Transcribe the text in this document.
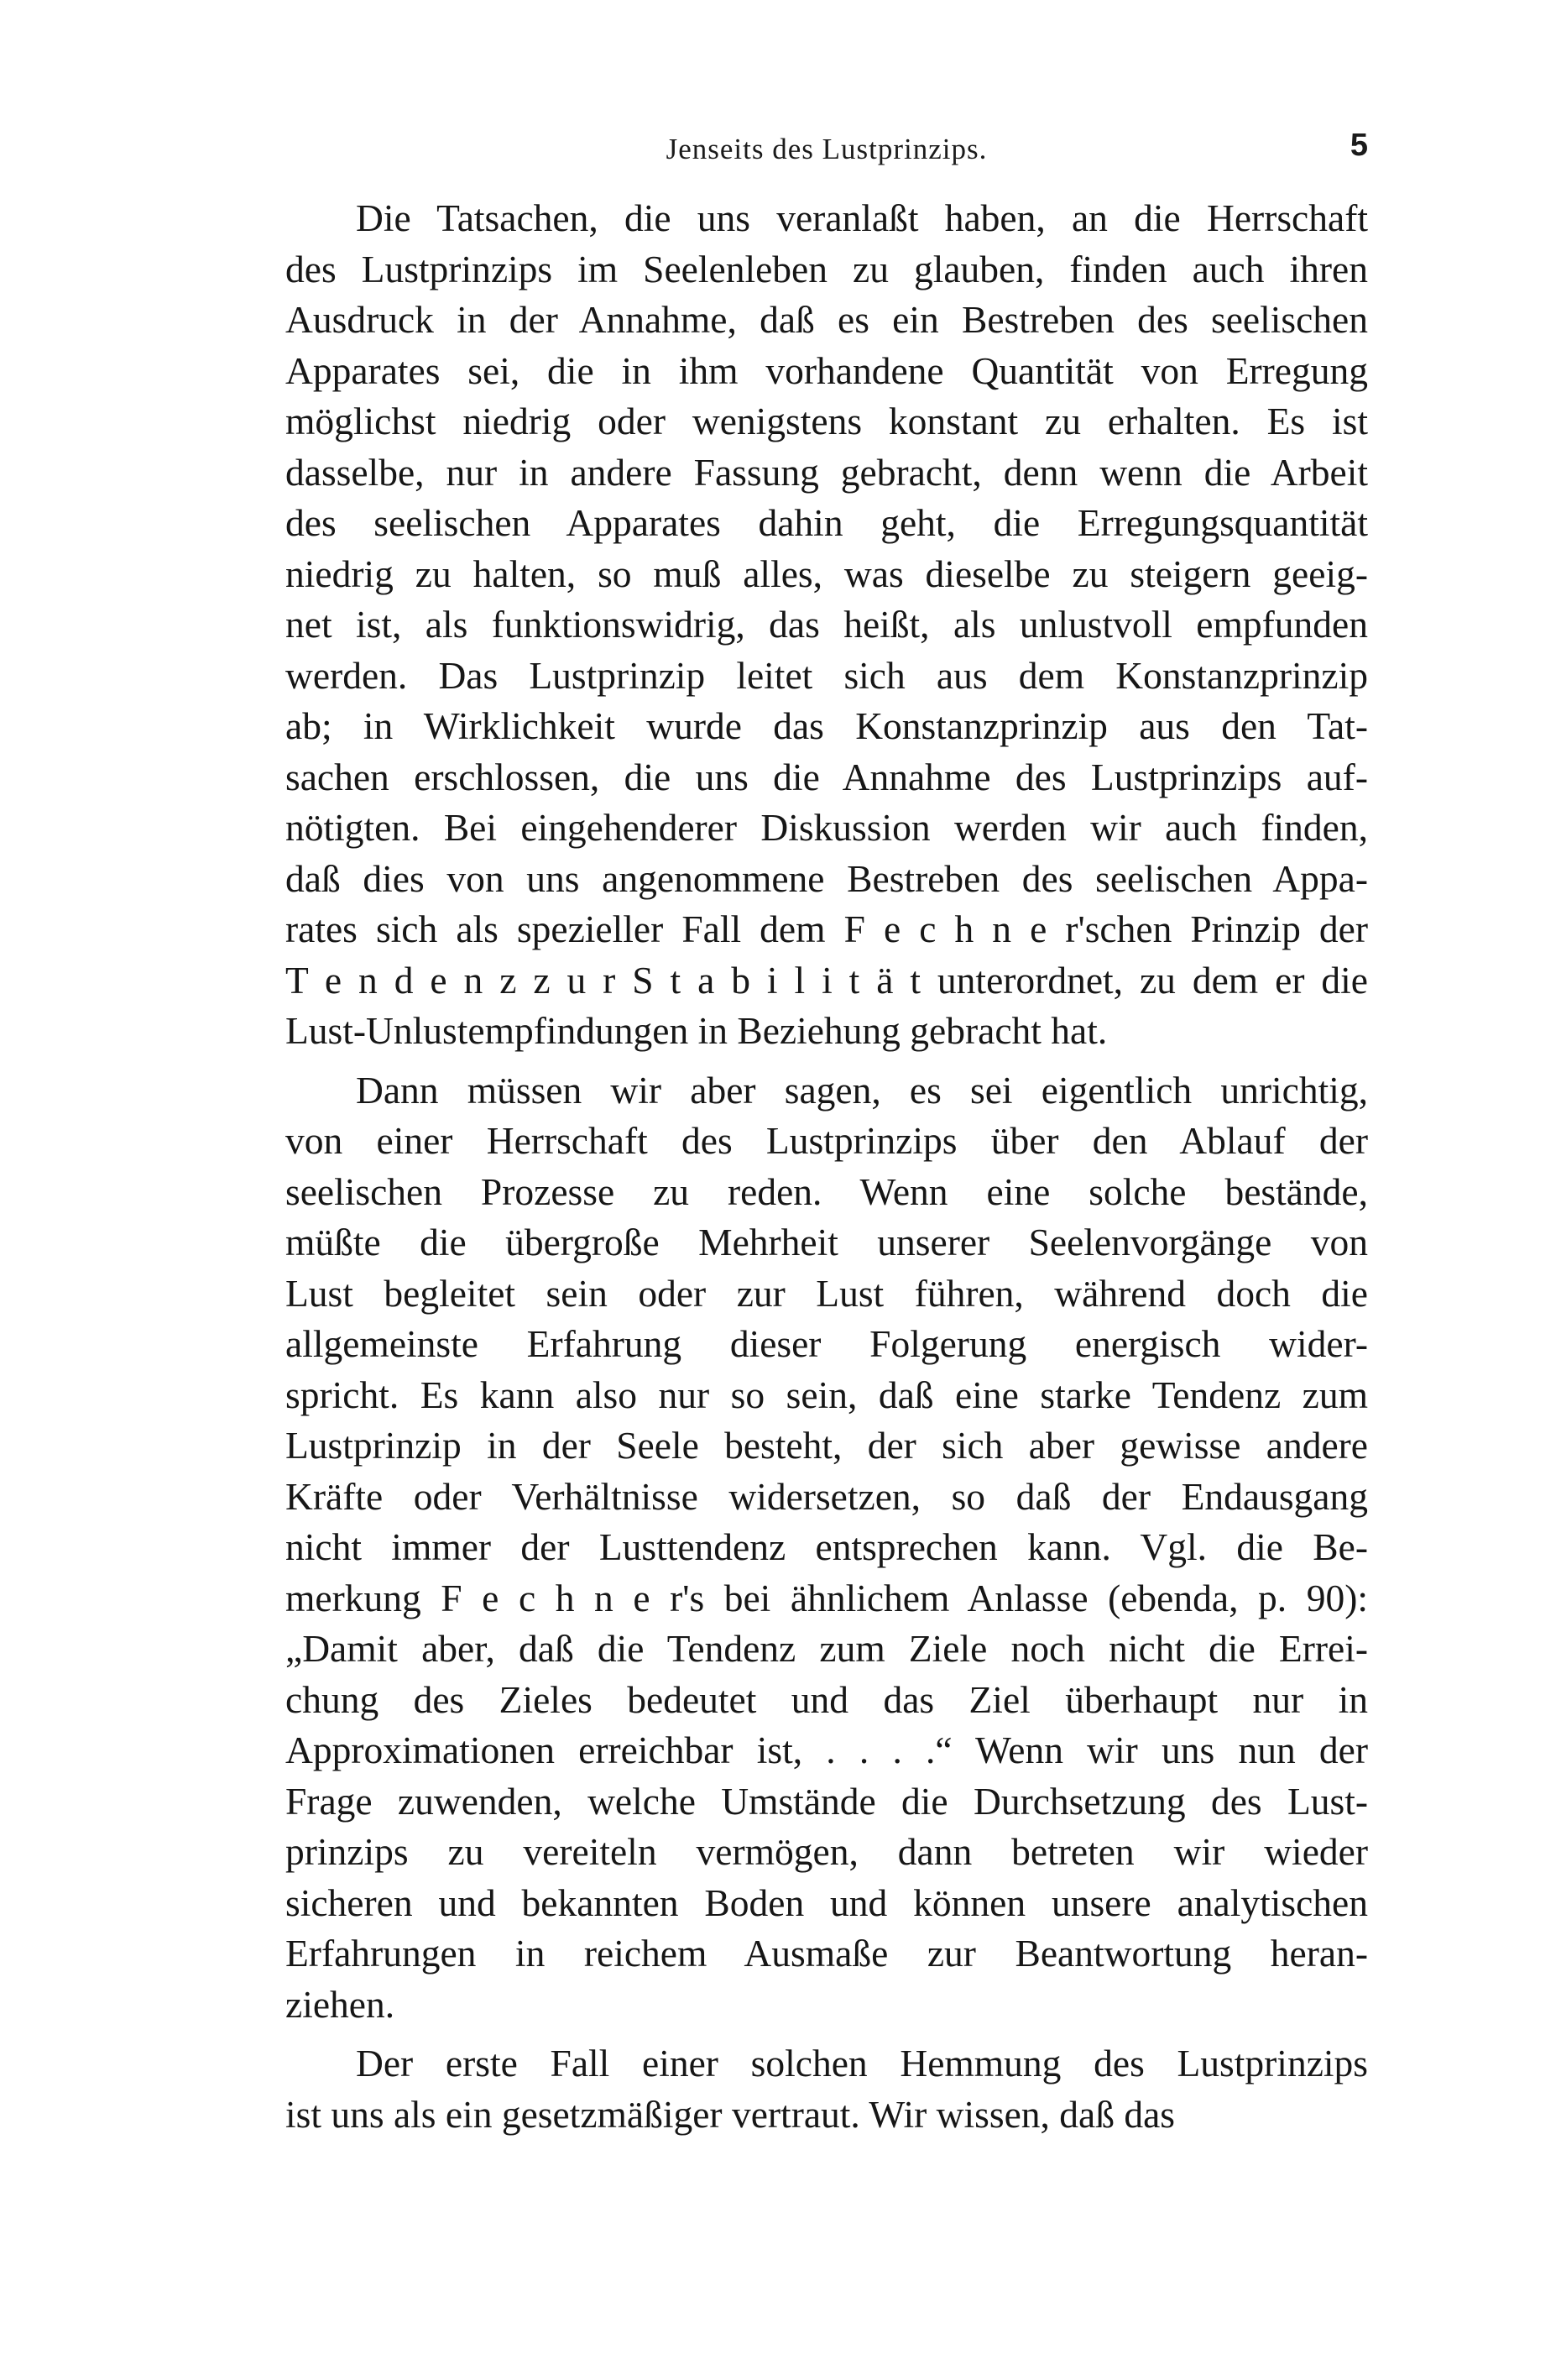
Jenseits des Lustprinzips.	5
Die Tatsachen, die uns veranlaßt haben, an die Herrschaft
des Lustprinzips im Seelenleben zu glauben, finden auch ihren
Ausdruck in der Annahme, daß es ein Bestreben des seelischen
Apparates sei, die in ihm vorhandene Quantität von Erregung
möglichst niedrig oder wenigstens konstant zu erhalten. Es ist
dasselbe, nur in andere Fassung gebracht, denn wenn die Arbeit
des seelischen Apparates dahin geht, die Erregungsquantität
niedrig zu halten, so muß alles, was dieselbe zu steigern geeig-
net ist, als funktionswidrig, das heißt, als unlustvoll empfunden
werden. Das Lustprinzip leitet sich aus dem Konstanzprinzip
ab; in Wirklichkeit wurde das Konstanzprinzip aus den Tat-
sachen erschlossen, die uns die Annahme des Lustprinzips auf-
nötigten. Bei eingehenderer Diskussion werden wir auch finden,
daß dies von uns angenommene Bestreben des seelischen Appa-
rates sich als spezieller Fall dem F e c h n e r'schen Prinzip der
T e n d e n z z u r S t a b i l i t ä t unterordnet, zu dem er die
Lust-Unlustempfindungen in Beziehung gebracht hat.
Dann müssen wir aber sagen, es sei eigentlich unrichtig,
von einer Herrschaft des Lustprinzips über den Ablauf der
seelischen Prozesse zu reden. Wenn eine solche bestände,
müßte die übergroße Mehrheit unserer Seelenvorgänge von
Lust begleitet sein oder zur Lust führen, während doch die
allgemeinste Erfahrung dieser Folgerung energisch wider-
spricht. Es kann also nur so sein, daß eine starke Tendenz zum
Lustprinzip in der Seele besteht, der sich aber gewisse andere
Kräfte oder Verhältnisse widersetzen, so daß der Endausgang
nicht immer der Lusttendenz entsprechen kann. Vgl. die Be-
merkung F e c h n e r's bei ähnlichem Anlasse (ebenda, p. 90):
„Damit aber, daß die Tendenz zum Ziele noch nicht die Errei-
chung des Zieles bedeutet und das Ziel überhaupt nur in
Approximationen erreichbar ist, . . . .“ Wenn wir uns nun der
Frage zuwenden, welche Umstände die Durchsetzung des Lust-
prinzips zu vereiteln vermögen, dann betreten wir wieder
sicheren und bekannten Boden und können unsere analytischen
Erfahrungen in reichem Ausmaße zur Beantwortung heran-
ziehen.
Der erste Fall einer solchen Hemmung des Lustprinzips
ist uns als ein gesetzmäßiger vertraut. Wir wissen, daß das
